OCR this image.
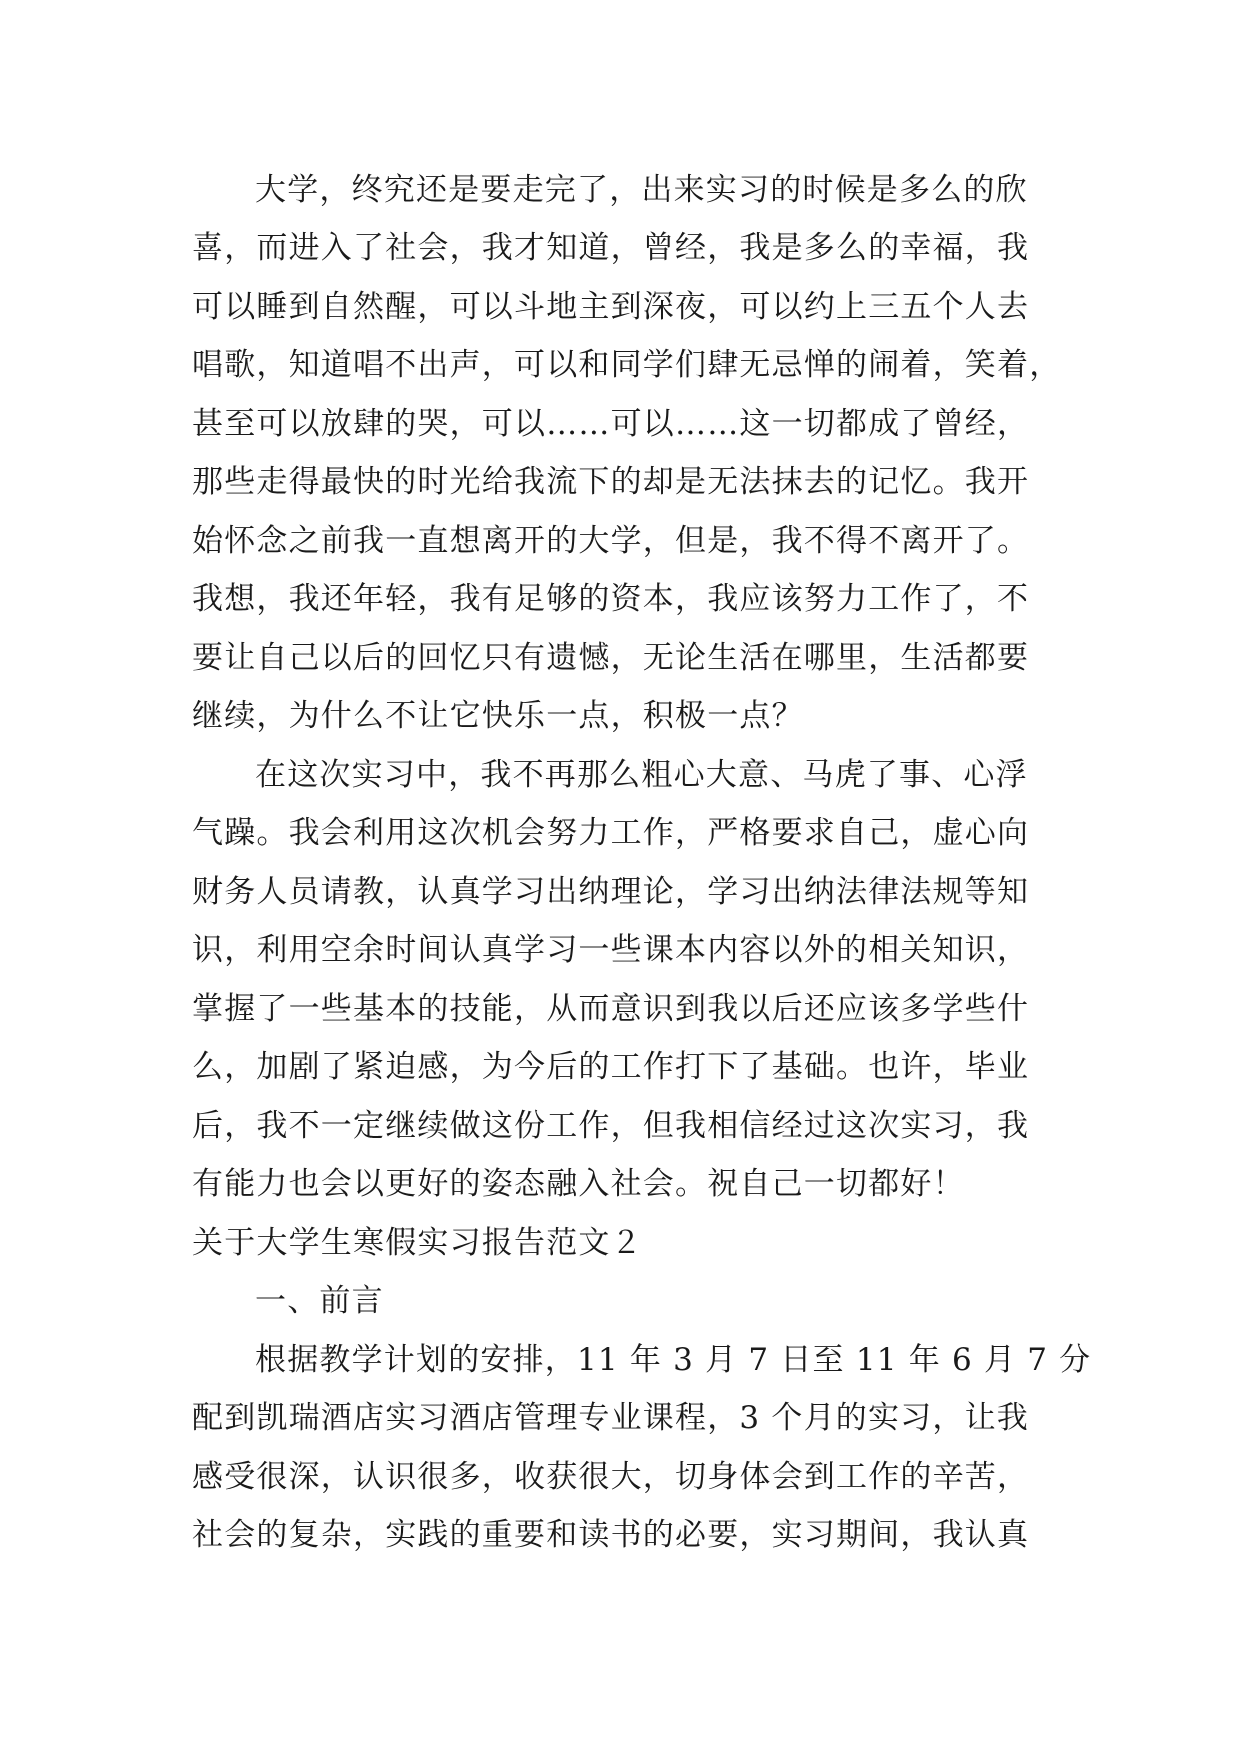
大学，终究还是要走完了，出来实习的时候是多么的欣
喜，而进入了社会，我才知道，曾经，我是多么的幸福，我
可以睡到自然醒，可以斗地主到深夜，可以约上三五个人去
唱歌，知道唱不出声，可以和同学们肆无忌惮的闹着，笑着，
甚至可以放肆的哭，可以……可以……这一切都成了曾经，
那些走得最快的时光给我流下的却是无法抹去的记忆。我开
始怀念之前我一直想离开的大学，但是，我不得不离开了。
我想，我还年轻，我有足够的资本，我应该努力工作了，不
要让自己以后的回忆只有遗憾，无论生活在哪里，生活都要
继续，为什么不让它快乐一点，积极一点？
在这次实习中，我不再那么粗心大意、马虎了事、心浮
气躁。我会利用这次机会努力工作，严格要求自己，虚心向
财务人员请教，认真学习出纳理论，学习出纳法律法规等知
识，利用空余时间认真学习一些课本内容以外的相关知识，
掌握了一些基本的技能，从而意识到我以后还应该多学些什
么，加剧了紧迫感，为今后的工作打下了基础。也许，毕业
后，我不一定继续做这份工作，但我相信经过这次实习，我
有能力也会以更好的姿态融入社会。祝自己一切都好！
关于大学生寒假实习报告范文２
一、前言
根据教学计划的安排，11 年 3 月 7 日至 11 年 6 月 7 分
配到凯瑞酒店实习酒店管理专业课程，3 个月的实习，让我
感受很深，认识很多，收获很大，切身体会到工作的辛苦，
社会的复杂，实践的重要和读书的必要，实习期间，我认真
